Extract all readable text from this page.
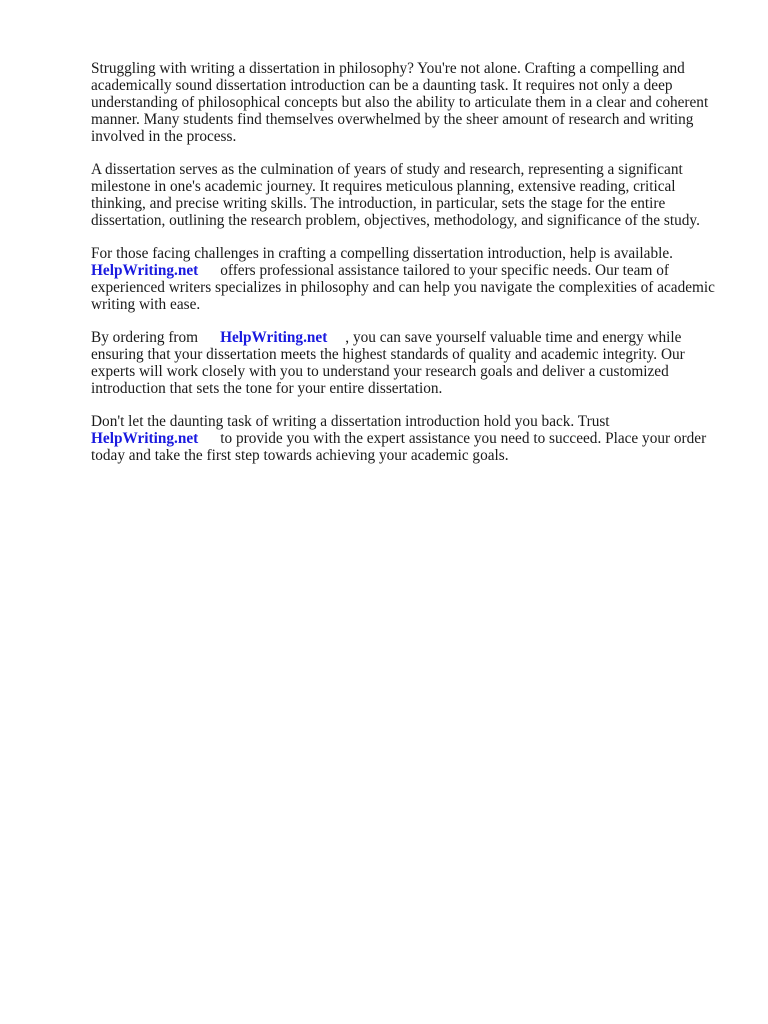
Struggling with writing a dissertation in philosophy? You're not alone. Crafting a compelling and academically sound dissertation introduction can be a daunting task. It requires not only a deep understanding of philosophical concepts but also the ability to articulate them in a clear and coherent manner. Many students find themselves overwhelmed by the sheer amount of research and writing involved in the process.

A dissertation serves as the culmination of years of study and research, representing a significant milestone in one's academic journey. It requires meticulous planning, extensive reading, critical thinking, and precise writing skills. The introduction, in particular, sets the stage for the entire dissertation, outlining the research problem, objectives, methodology, and significance of the study.

For those facing challenges in crafting a compelling dissertation introduction, help is available.
HelpWriting.net offers professional assistance tailored to your specific needs. Our team of experienced writers specializes in philosophy and can help you navigate the complexities of academic writing with ease.

By ordering from HelpWriting.net , you can save yourself valuable time and energy while ensuring that your dissertation meets the highest standards of quality and academic integrity. Our experts will work closely with you to understand your research goals and deliver a customized introduction that sets the tone for your entire dissertation.

Don't let the daunting task of writing a dissertation introduction hold you back. Trust
HelpWriting.net to provide you with the expert assistance you need to succeed. Place your order today and take the first step towards achieving your academic goals.
